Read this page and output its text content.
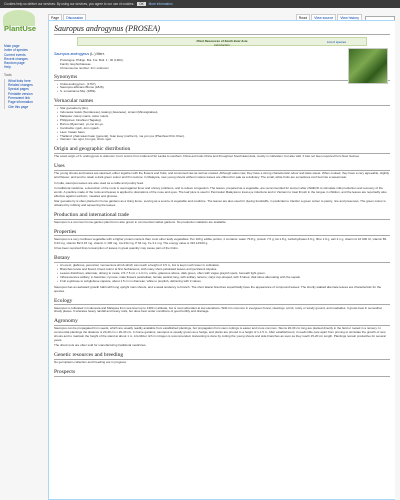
Cookies help us deliver our services. By using our services, you agree to our use of cookies. OK More information
PlantUse
Page Discussion	Read View source View history
Main page
Index of species
Current events
Recent changes
Random page
Help
Tools
What links here
Related changes
Special pages
Printable version
Permanent link
Page information
Cite this page
Sauropus androgynus (PROSEA)
Plant Resources of South-East Asia
Introduction
List of species
Sauropus androgynus (L.) Merr.
Protologue: Philipp. Bur. For. Bull. 1 : 30 (1903).
Family: Euphorbiaceae
Chromosome number: 2n= unknown
Synonyms
• Clutia androgyna L. (1767),
• Sauropus albicans Blume (1826),
• S. sumatranus Miq. (1869).
Vernacular names
• Star gooseberry (En).
• Indonesia: katuk (Sundanese), katang (Javanese), simani (Minangkabau).
• Malaysia: cekup manis, cekur manis.
• Philippines: binahian (Tagalog).
• Burma (Myanmar): yo-mo kin-yo.
• Cambodia: ngub, dom ngaob.
• Laos: hwaan baan.
• Thailand: phak waan baan (general), hvan kuay (northern), ma yom pa (Phanhuai Khin Khen).
• Vietnam: rau ngot, bù ngot, chùm ngot.
Origin and geographic distribution

The exact origin of S. androgynus is unknown, but it occurs from India and Sri Lanka to southern China and Indo-China and throughout South-East Asia, mostly in cultivation, but also wild. It has not been reported from New Guinea.

Uses

The young shoots and leaves are steamed, either together with the flowers and fruits, and consumed raw as well as cooked. Although eaten raw, they have a strong characteristic odour and taste sweet. When cooked, they have a very agreeable, slightly acid flavour, and tend to retain a dark green colour and firm texture. In Malaysia, new young shoots without mature leaves are offered for sale as a delicacy. The small, white fruits are sometimes conf ited into a sweetmeat.

In India, sauropus leaves are also used as a cattle and poultry feed.

In traditional medicine, a decoction of the roots is used against fever and urinary problems, and to relieve congestion. The leaves, prepared as a vegetable, are recommended for women after childbirth to stimulate milk production and recovery of the womb. A poultice made of the roots and leaves is applied to ulcerations of the nose and eyes. The leaf juice is used in Peninsular Malaysia to treat eye infections and in Vietnam to treat thrush in the tongue in children, and the leaves are reportedly also effective against sunburn, measles and glucose.

Star gooseberry is often planted in home gardens as a living fence, serving as a source of vegetable and medicine. The leaves are also used for dyeing foodstuffs, in particular to transfer a green colour to pastry, rice and preserves. The green colour is obtained by rubbing and squeezing the leaves.

Production and international trade

Sauropus is a common home-garden plant but is also grown in commercial market gardens. No production statistics are available.

Properties

Sauropus is a very nutritious vegetable with a higher protein content than most other leafy vegetables. Per 100 g edible portion, it contains: water 79.8 g, protein 7.6 g, fat 1.8 g, carbohydrates 6.9 g, fibre 1.9 g, ash 2.1 g, vitamin A 10 000 IU, vitamin B1 0.23 mg, vitamin B2 0.15 mg, vitamin C 136 mg, Ca 234 mg, P 64 mg, Fe 3.1 mg. The energy value is 310 kJ/100 g.

It has been reported that consumption of leaves in great quantity may cause pain of the limbs.

Botany
• An erect, glabrous, perennial, monoecious shrub which can reach a height of 3.5 m, but is kept much lower in cultivation.
• Branches terete and flexed, blood colour at first herbaceous, with many short-petiolated leaves and persistent stipules.
• Leaves distichous, alternate, oblong to ovate, 2.5-7.5 cm x 1-3 cm, entire, glaucous above, dark green, often with vague grayish spots, beneath light green.
• Inflorescences axillary, in fascicles, cymose; male flowers pedicellate; female pedicel long, with axillary raceme; calyx cup-shaped, with 6 lobes; disk lobes alternating with the sepals.
• Fruit a globose to subglobose capsule, about 1.5 cm in diameter, white to purplish, dehiscing with 3 valves.

Sauropus has an awkward growth habit with long upright main shoots, and a weak tendency to branch. The short lateral branches superficially have the appearance of compound leaves. The shortly stalked alternate leaves are characteristic for the species.

Ecology

Sauropus is cultivated in Indonesia and Malaysia from sea level up to 1300 m altitude, but is most abundant at low elevations. Wild it is common in evergreen forest, clearings, scrub, rocky or sandy ground, and roadsides. It grows best in somewhat shady places. It tolerates heavy rainfall and heavy soils, but does best under conditions of good fertility and drainage.

Agronomy

Sauropus can be propagated from seeds, which are usually readily available from established plantings, but propagation from stem cuttings is easier and more common. Stems 20-30 cm long are planted directly in the field or rooted in a nursery. In commercial plantings the distance is 20-40 cm x 20-40 cm. In home gardens, sauropus is usually grown as a hedge, and plants are pruned to a height of 1-1.5 m. After establishment, it needs little care apart from pruning to stimulate the growth of new shoots and to maintain the height of the stand at about 1 m. A fertilizer rich in nitrogen is recommended. Harvesting is done by cutting the young shoots and side branches as soon as they reach 15-20 cm length. Plantings remain productive for several years.

The dried roots are often sold for manufacturing traditional medicines.

Genetic resources and breeding

No germplasm collection and breeding are in progress.

Prospects
